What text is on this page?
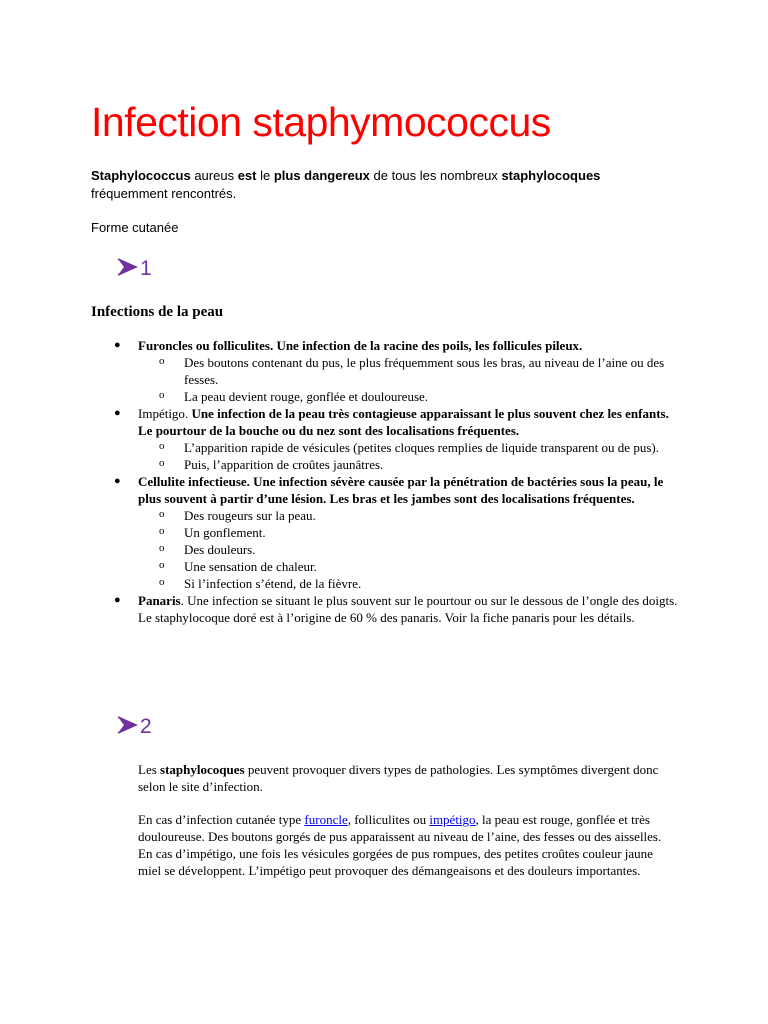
Infection staphymococcus
Staphylococcus aureus est le plus dangereux de tous les nombreux staphylocoques fréquemment rencontrés.
Forme cutanée
1
Infections de la peau
● Furoncles ou folliculites. Une infection de la racine des poils, les follicules pileux.
o Des boutons contenant du pus, le plus fréquemment sous les bras, au niveau de l’aine ou des fesses.
o La peau devient rouge, gonflée et douloureuse.
● Impétigo. Une infection de la peau très contagieuse apparaissant le plus souvent chez les enfants. Le pourtour de la bouche ou du nez sont des localisations fréquentes.
o L’apparition rapide de vésicules (petites cloques remplies de liquide transparent ou de pus).
o Puis, l’apparition de croûtes jaunâtres.
● Cellulite infectieuse. Une infection sévère causée par la pénétration de bactéries sous la peau, le plus souvent à partir d’une lésion. Les bras et les jambes sont des localisations fréquentes.
o Des rougeurs sur la peau.
o Un gonflement.
o Des douleurs.
o Une sensation de chaleur.
o Si l’infection s’étend, de la fièvre.
● Panaris. Une infection se situant le plus souvent sur le pourtour ou sur le dessous de l’ongle des doigts. Le staphylocoque doré est à l’origine de 60 % des panaris. Voir la fiche panaris pour les détails.
2
Les staphylocoques peuvent provoquer divers types de pathologies. Les symptômes divergent donc selon le site d’infection.
En cas d’infection cutanée type furoncle, folliculites ou impétigo, la peau est rouge, gonflée et très douloureuse. Des boutons gorgés de pus apparaissent au niveau de l’aine, des fesses ou des aisselles. En cas d’impétigo, une fois les vésicules gorgées de pus rompues, des petites croûtes couleur jaune miel se développent. L’impétigo peut provoquer des démangeaisons et des douleurs importantes.
